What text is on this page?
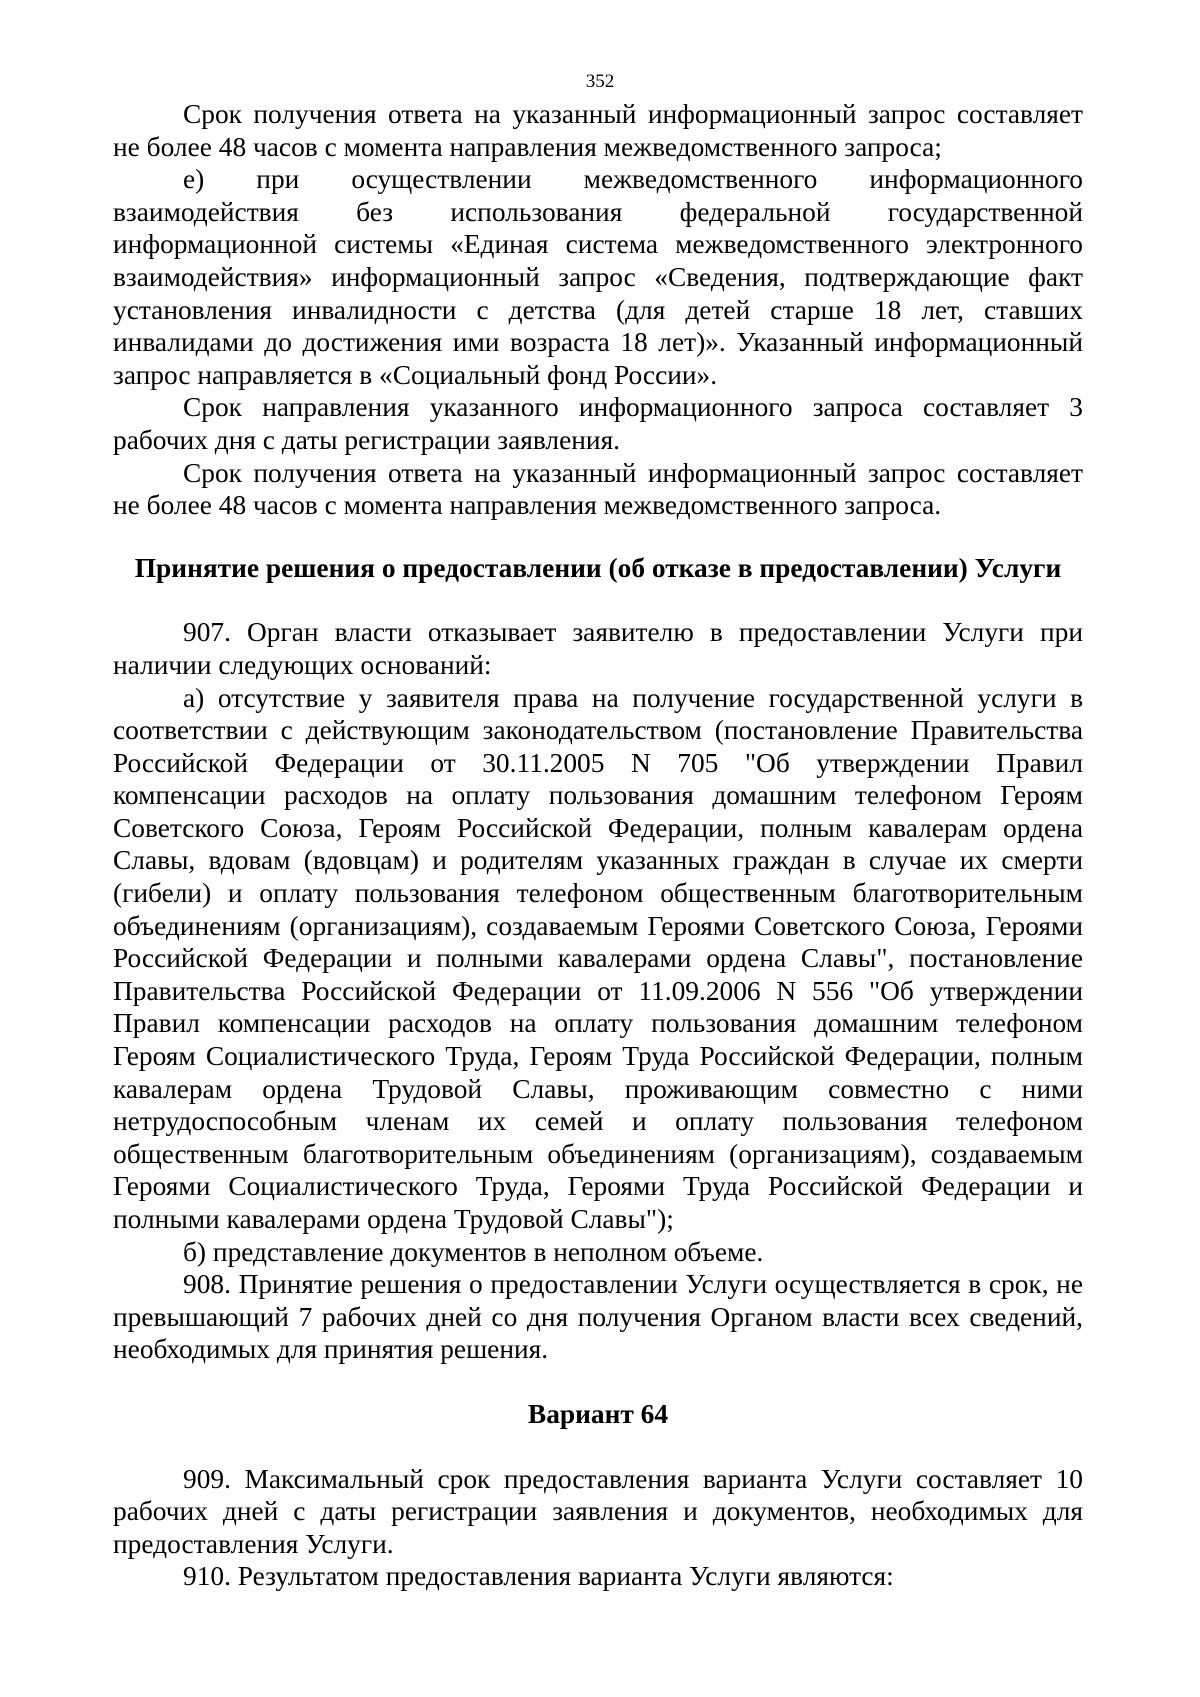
352

Срок получения ответа на указанный информационный запрос составляет не более 48 часов с момента направления межведомственного запроса;

е) при осуществлении межведомственного информационного взаимодействия без использования федеральной государственной информационной системы «Единая система межведомственного электронного взаимодействия» информационный запрос «Сведения, подтверждающие факт установления инвалидности с детства (для детей старше 18 лет, ставших инвалидами до достижения ими возраста 18 лет)». Указанный информационный запрос направляется в «Социальный фонд России».

Срок направления указанного информационного запроса составляет 3 рабочих дня с даты регистрации заявления.

Срок получения ответа на указанный информационный запрос составляет не более 48 часов с момента направления межведомственного запроса.

Принятие решения о предоставлении (об отказе в предоставлении) Услуги

907. Орган власти отказывает заявителю в предоставлении Услуги при наличии следующих оснований:

а) отсутствие у заявителя права на получение государственной услуги в соответствии с действующим законодательством (постановление Правительства Российской Федерации от 30.11.2005 N 705 "Об утверждении Правил компенсации расходов на оплату пользования домашним телефоном Героям Советского Союза, Героям Российской Федерации, полным кавалерам ордена Славы, вдовам (вдовцам) и родителям указанных граждан в случае их смерти (гибели) и оплату пользования телефоном общественным благотворительным объединениям (организациям), создаваемым Героями Советского Союза, Героями Российской Федерации и полными кавалерами ордена Славы", постановление Правительства Российской Федерации от 11.09.2006 N 556 "Об утверждении Правил компенсации расходов на оплату пользования домашним телефоном Героям Социалистического Труда, Героям Труда Российской Федерации, полным кавалерам ордена Трудовой Славы, проживающим совместно с ними нетрудоспособным членам их семей и оплату пользования телефоном общественным благотворительным объединениям (организациям), создаваемым Героями Социалистического Труда, Героями Труда Российской Федерации и полными кавалерами ордена Трудовой Славы");

б) представление документов в неполном объеме.

908. Принятие решения о предоставлении Услуги осуществляется в срок, не превышающий 7 рабочих дней со дня получения Органом власти всех сведений, необходимых для принятия решения.

Вариант 64

909. Максимальный срок предоставления варианта Услуги составляет 10 рабочих дней с даты регистрации заявления и документов, необходимых для предоставления Услуги.

910. Результатом предоставления варианта Услуги являются:
